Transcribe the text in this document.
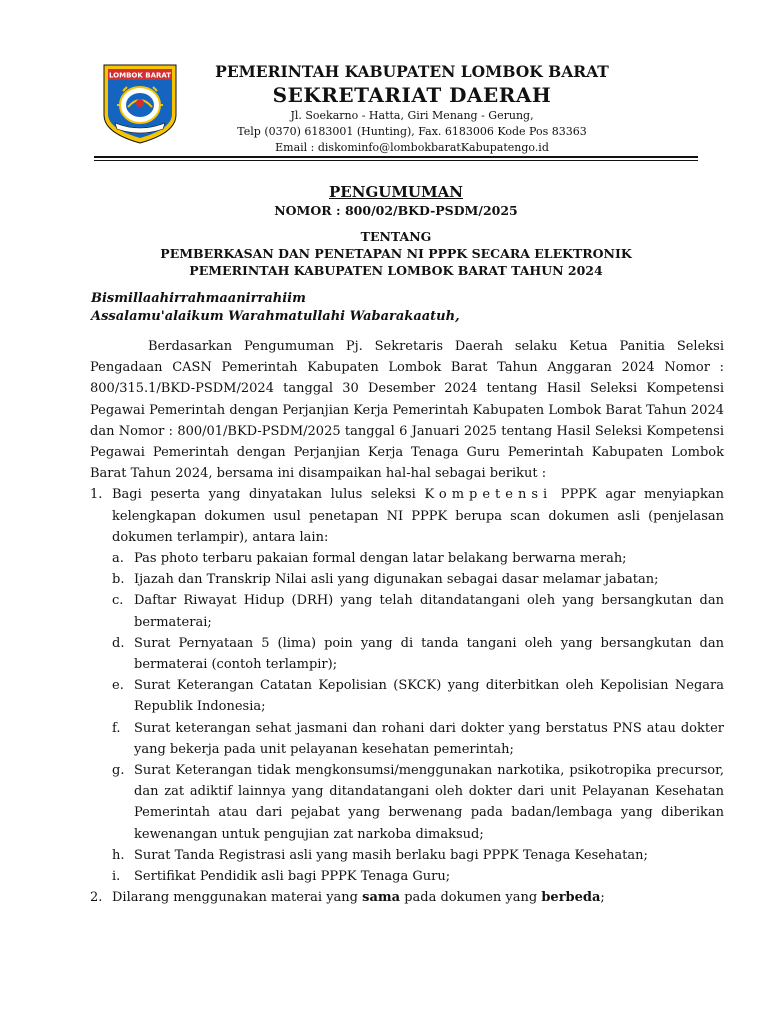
LOMBOK BARAT	PEMERINTAH KABUPATEN LOMBOK BARAT
SEKRETARIAT DAERAH
Jl. Soekarno - Hatta, Giri Menang - Gerung,
Telp (0370) 6183001 (Hunting), Fax. 6183006 Kode Pos 83363
Email : diskominfo@lombokbaratKabupatengo.id
PENGUMUMAN
NOMOR : 800/02/BKD-PSDM/2025
TENTANG
PEMBERKASAN DAN PENETAPAN NI PPPK SECARA ELEKTRONIK
PEMERINTAH KABUPATEN LOMBOK BARAT TAHUN 2024
Bismillaahirrahmaanirrahiim
Assalamu'alaikum Warahmatullahi Wabarakaatuh,

Berdasarkan Pengumuman Pj. Sekretaris Daerah selaku Ketua Panitia Seleksi Pengadaan CASN Pemerintah Kabupaten Lombok Barat Tahun Anggaran 2024 Nomor : 800/315.1/BKD-PSDM/2024 tanggal 30 Desember 2024 tentang Hasil Seleksi Kompetensi Pegawai Pemerintah dengan Perjanjian Kerja Pemerintah Kabupaten Lombok Barat Tahun 2024 dan Nomor : 800/01/BKD-PSDM/2025 tanggal 6 Januari 2025 tentang Hasil Seleksi Kompetensi Pegawai Pemerintah dengan Perjanjian Kerja Tenaga Guru Pemerintah Kabupaten Lombok Barat Tahun 2024, bersama ini disampaikan hal-hal sebagai berikut :

1. Bagi peserta yang dinyatakan lulus seleksi Kompetensi PPPK agar menyiapkan kelengkapan dokumen usul penetapan NI PPPK berupa scan dokumen asli (penjelasan dokumen terlampir), antara lain:
a. Pas photo terbaru pakaian formal dengan latar belakang berwarna merah;
b. Ijazah dan Transkrip Nilai asli yang digunakan sebagai dasar melamar jabatan;
c. Daftar Riwayat Hidup (DRH) yang telah ditandatangani oleh yang bersangkutan dan bermaterai;
d. Surat Pernyataan 5 (lima) poin yang di tanda tangani oleh yang bersangkutan dan bermaterai (contoh terlampir);
e. Surat Keterangan Catatan Kepolisian (SKCK) yang diterbitkan oleh Kepolisian Negara Republik Indonesia;
f. Surat keterangan sehat jasmani dan rohani dari dokter yang berstatus PNS atau dokter yang bekerja pada unit pelayanan kesehatan pemerintah;
g. Surat Keterangan tidak mengkonsumsi/menggunakan narkotika, psikotropika precursor, dan zat adiktif lainnya yang ditandatangani oleh dokter dari unit Pelayanan Kesehatan Pemerintah atau dari pejabat yang berwenang pada badan/lembaga yang diberikan kewenangan untuk pengujian zat narkoba dimaksud;
h. Surat Tanda Registrasi asli yang masih berlaku bagi PPPK Tenaga Kesehatan;
i. Sertifikat Pendidik asli bagi PPPK Tenaga Guru;
2. Dilarang menggunakan materai yang sama pada dokumen yang berbeda;
